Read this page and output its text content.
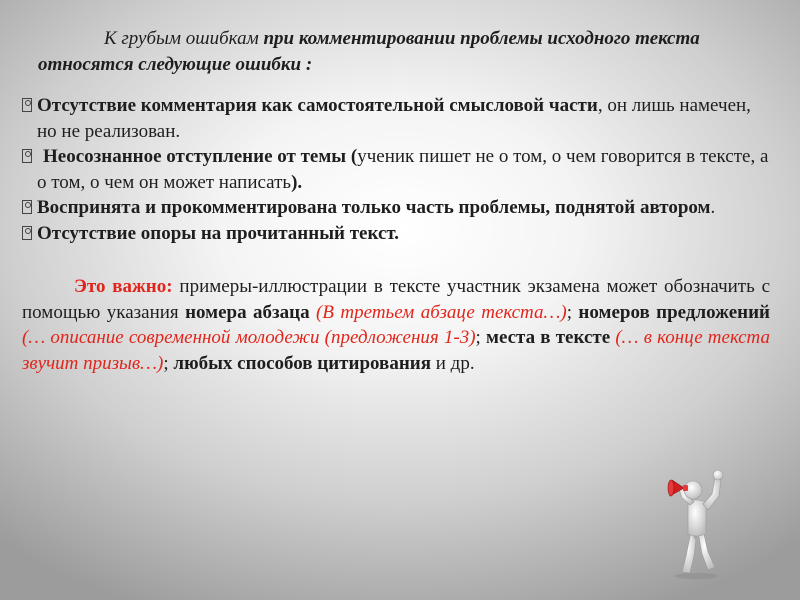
К грубым ошибкам при комментировании проблемы исходного текста относятся следующие ошибки :

Отсутствие комментария как самостоятельной смысловой части, он лишь намечен, но не реализован.
Неосознанное отступление от темы (ученик пишет не о том, о чем говорится в тексте, а о том, о чем он может написать).
Воспринята и прокомментирована только часть проблемы, поднятой автором.
Отсутствие опоры на прочитанный текст.
Это важно: примеры-иллюстрации в тексте участник экзамена может обозначить с помощью указания номера абзаца (В третьем абзаце текста…); номеров предложений (… описание современной молодежи (предложения 1-3); места в тексте (… в конце текста звучит призыв…); любых способов цитирования и др.
